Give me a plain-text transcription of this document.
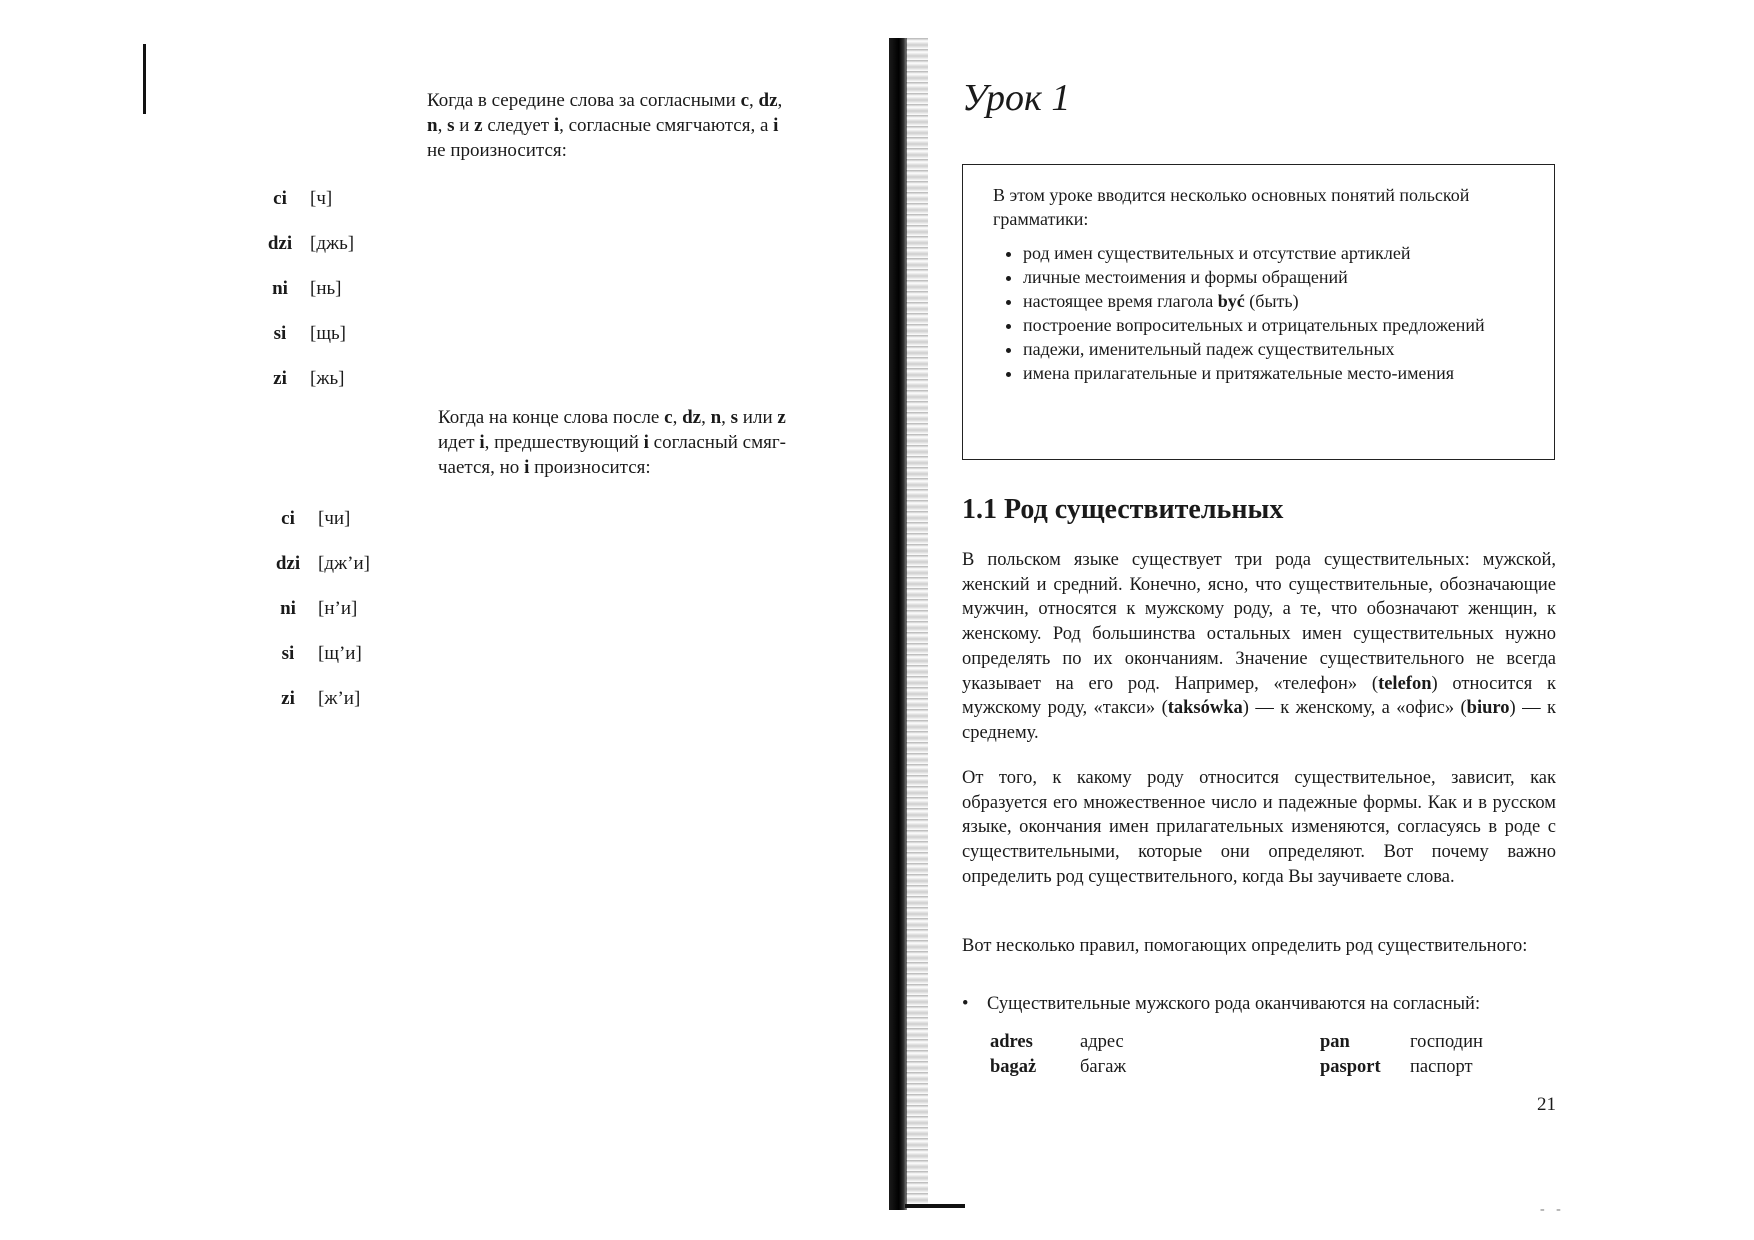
Когда в середине слова за согласными c, dz,
n, s и z следует i, согласные смягчаются, а i
не произносится:
ci [ч]
dzi [джь]
ni [нь]
si [щь]
zi [жь]
Когда на конце слова после c, dz, n, s или z
идет i, предшествующий i согласный смяг-
чается, но i произносится:
ci [чи]
dzi [дж’и]
ni [н’и]
si [щ’и]
zi [ж’и]
Урок 1
В этом уроке вводится несколько основных понятий польской грамматики:
• род имен существительных и отсутствие артиклей
• личные местоимения и формы обращений
• настоящее время глагола być (быть)
• построение вопросительных и отрицательных предложений
• падежи, именительный падеж существительных
• имена прилагательные и притяжательные место-имения
1.1 Род существительных
В польском языке существует три рода существительных: мужской, женский и средний. Конечно, ясно, что существительные, обозначающие мужчин, относятся к мужскому роду, а те, что обозначают женщин, к женскому. Род большинства остальных имен существительных нужно определять по их окончаниям. Значение существительного не всегда указывает на его род. Например, «телефон» (telefon) относится к мужскому роду, «такси» (taksówka) — к женскому, а «офис» (biuro) — к среднему.
От того, к какому роду относится существительное, зависит, как образуется его множественное число и падежные формы. Как и в русском языке, окончания имен прилагательных изменяются, согласуясь в роде с существительными, которые они определяют. Вот почему важно определить род существительного, когда Вы заучиваете слова.
Вот несколько правил, помогающих определить род существительного:
• Существительные мужского рода оканчиваются на согласный:
adres	адрес
bagaż багаж
pan	господин
pasport паспорт
21
- -
